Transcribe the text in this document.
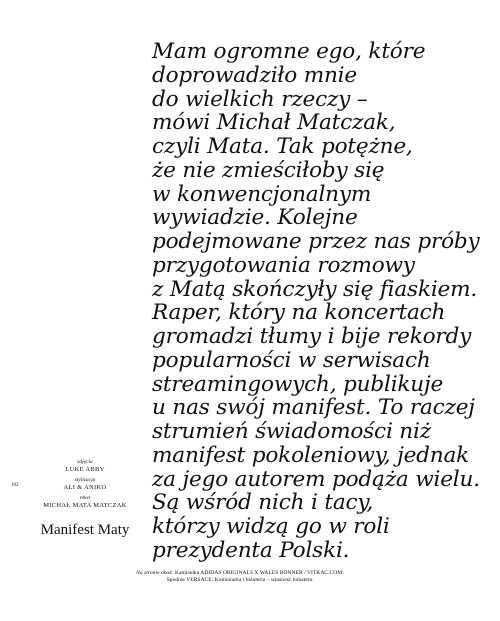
Mam ogromne ego, które
doprowadziło mnie
do wielkich rzeczy –
mówi Michał Matczak,
czyli Mata. Tak potężne,
że nie zmieściłoby się
w konwencjonalnym
wywiadzie. Kolejne
podejmowane przez nas próby
przygotowania rozmowy
z Matą skończyły się fiaskiem.
Raper, który na koncertach
gromadzi tłumy i bije rekordy
popularności w serwisach
streamingowych, publikuje
u nas swój manifest. To raczej
strumień świadomości niż
manifest pokoleniowy, jednak
za jego autorem podąża wielu.
Są wśród nich i tacy,
którzy widzą go w roli
prezydenta Polski.
102
zdjęcia
LUKE ABBY
stylizacja
ALI & ANIKO
tekst
MICHAŁ MATA MATCZAK
Manifest Maty
Na stronie obok: Kamizelka ADIDAS ORIGINALS X WALES BONNER / VITKAC.COM;
Spodnie VERSACE; Kominiarka i biżuteria – własność bohatera.
